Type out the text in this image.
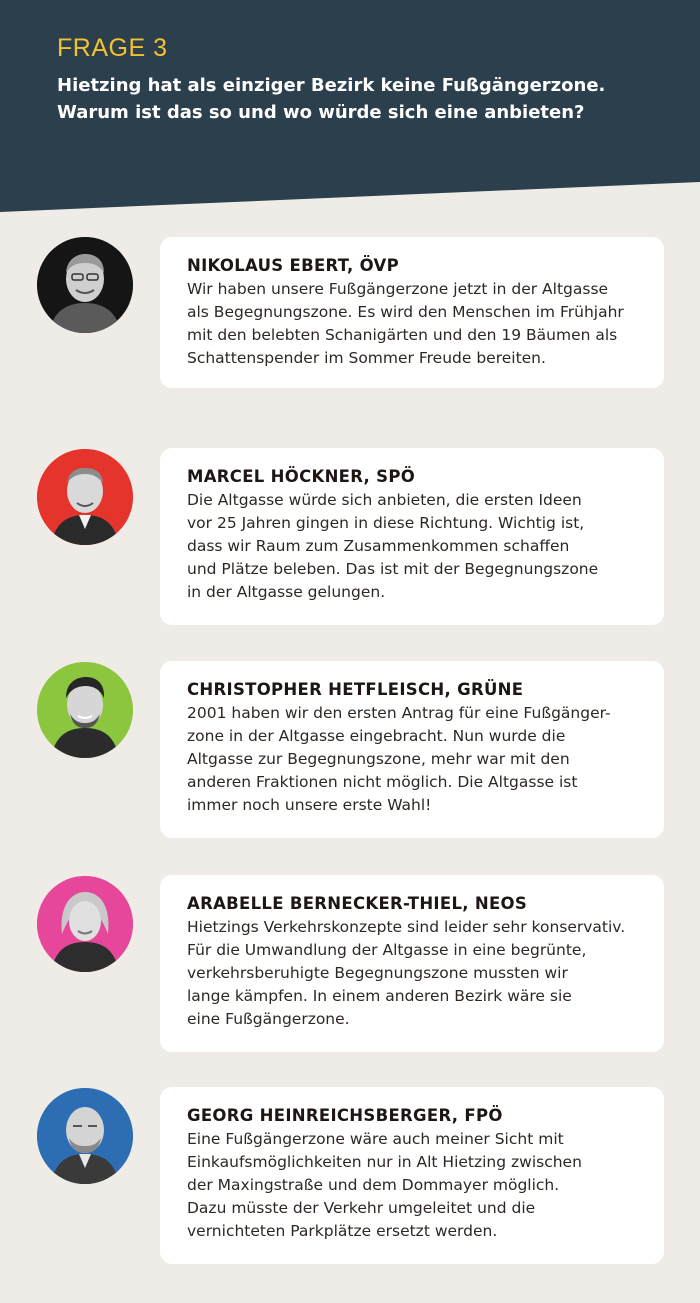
FRAGE 3

Hietzing hat als einziger Bezirk keine Fußgängerzone. Warum ist das so und wo würde sich eine anbieten?

NIKOLAUS EBERT, ÖVP

Wir haben unsere Fußgängerzone jetzt in der Altgasse
als Begegnungszone. Es wird den Menschen im Frühjahr
mit den belebten Schanigärten und den 19 Bäumen als
Schattenspender im Sommer Freude bereiten.

MARCEL HÖCKNER, SPÖ

Die Altgasse würde sich anbieten, die ersten Ideen
vor 25 Jahren gingen in diese Richtung. Wichtig ist,
dass wir Raum zum Zusammenkommen schaffen
und Plätze beleben. Das ist mit der Begegnungszone
in der Altgasse gelungen.

CHRISTOPHER HETFLEISCH, GRÜNE

2001 haben wir den ersten Antrag für eine Fußgänger-
zone in der Altgasse eingebracht. Nun wurde die
Altgasse zur Begegnungszone, mehr war mit den
anderen Fraktionen nicht möglich. Die Altgasse ist
immer noch unsere erste Wahl!

ARABELLE BERNECKER-THIEL, NEOS

Hietzings Verkehrskonzepte sind leider sehr konservativ.
Für die Umwandlung der Altgasse in eine begrünte,
verkehrsberuhigte Begegnungszone mussten wir
lange kämpfen. In einem anderen Bezirk wäre sie
eine Fußgängerzone.

GEORG HEINREICHSBERGER, FPÖ

Eine Fußgängerzone wäre auch meiner Sicht mit
Einkaufsmöglichkeiten nur in Alt Hietzing zwischen
der Maxingstraße und dem Dommayer möglich.
Dazu müsste der Verkehr umgeleitet und die
vernichteten Parkplätze ersetzt werden.
